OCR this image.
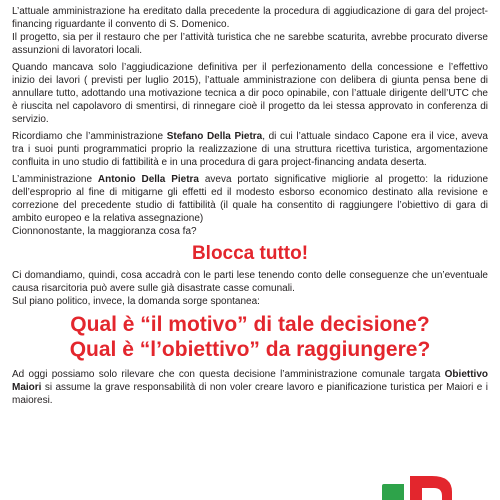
L’attuale amministrazione ha ereditato dalla precedente la procedura di aggiudicazione di gara del project-financing riguardante il convento di S. Domenico.

Il progetto, sia per il restauro che per l’attività turistica che ne sarebbe scaturita, avrebbe procurato diverse assunzioni di lavoratori locali.

Quando mancava solo l’aggiudicazione definitiva per il perfezionamento della concessione e l’effettivo inizio dei lavori ( previsti per luglio 2015), l’attuale amministrazione con delibera di giunta pensa bene di annullare tutto, adottando una motivazione tecnica a dir poco opinabile, con l’attuale dirigente dell’UTC che è riuscita nel capolavoro di smentirsi, di rinnegare cioè il progetto da lei stessa approvato in conferenza di servizio.

Ricordiamo che l’amministrazione Stefano Della Pietra, di cui l’attuale sindaco Capone era il vice, aveva tra i suoi punti programmatici proprio la realizzazione di una struttura ricettiva turistica, argomentazione confluita in uno studio di fattibilità e in una procedura di gara project-financing andata deserta.

L’amministrazione Antonio Della Pietra aveva portato significative migliorie al progetto: la riduzione dell’esproprio al fine di mitigarne gli effetti ed il modesto esborso economico destinato alla revisione e correzione del precedente studio di fattibilità (il quale ha consentito di raggiungere l’obiettivo di gara di ambito europeo e la relativa assegnazione)

Cionnonostante, la maggioranza cosa fa?

Blocca tutto!

Ci domandiamo, quindi, cosa accadrà con le parti lese tenendo conto delle conseguenze che un’eventuale causa risarcitoria può avere sulle già disastrate casse comunali.

Sul piano politico, invece, la domanda sorge spontanea:

Qual è “il motivo” di tale decisione?
Qual è “l’obiettivo” da raggiungere?

Ad oggi possiamo solo rilevare che con questa decisione l’amministrazione comunale targata Obiettivo Maiori si assume la grave responsabilità di non voler creare lavoro e pianificazione turistica per Maiori e i maioresi.
